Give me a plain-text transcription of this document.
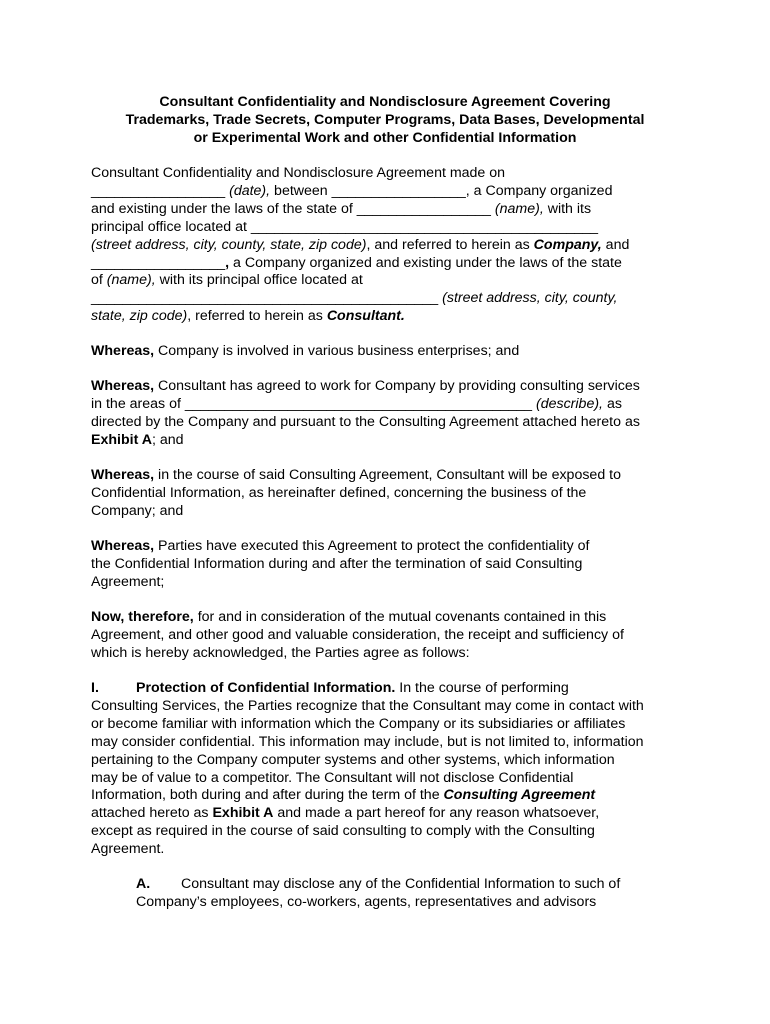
Consultant Confidentiality and Nondisclosure Agreement Covering
Trademarks, Trade Secrets, Computer Programs, Data Bases, Developmental
or Experimental Work and other Confidential Information
Consultant Confidentiality and Nondisclosure Agreement made on
_________________ (date), between _________________, a Company organized
and existing under the laws of the state of _________________ (name), with its
principal office located at ____________________________________________
(street address, city, county, state, zip code), and referred to herein as Company, and
_________________, a Company organized and existing under the laws of the state
of (name), with its principal office located at
____________________________________________ (street address, city, county,
state, zip code), referred to herein as Consultant.
Whereas, Company is involved in various business enterprises; and
Whereas, Consultant has agreed to work for Company by providing consulting services
in the areas of ____________________________________________ (describe), as
directed by the Company and pursuant to the Consulting Agreement attached hereto as
Exhibit A; and
Whereas, in the course of said Consulting Agreement, Consultant will be exposed to
Confidential Information, as hereinafter defined, concerning the business of the
Company; and
Whereas, Parties have executed this Agreement to protect the confidentiality of
the Confidential Information during and after the termination of said Consulting
Agreement;
Now, therefore, for and in consideration of the mutual covenants contained in this
Agreement, and other good and valuable consideration, the receipt and sufficiency of
which is hereby acknowledged, the Parties agree as follows:
I.	Protection of Confidential Information. In the course of performing
Consulting Services, the Parties recognize that the Consultant may come in contact with
or become familiar with information which the Company or its subsidiaries or affiliates
may consider confidential. This information may include, but is not limited to, information
pertaining to the Company computer systems and other systems, which information
may be of value to a competitor. The Consultant will not disclose Confidential
Information, both during and after during the term of the Consulting Agreement
attached hereto as Exhibit A and made a part hereof for any reason whatsoever,
except as required in the course of said consulting to comply with the Consulting
Agreement.
A. Consultant may disclose any of the Confidential Information to such of
Company’s employees, co-workers, agents, representatives and advisors
